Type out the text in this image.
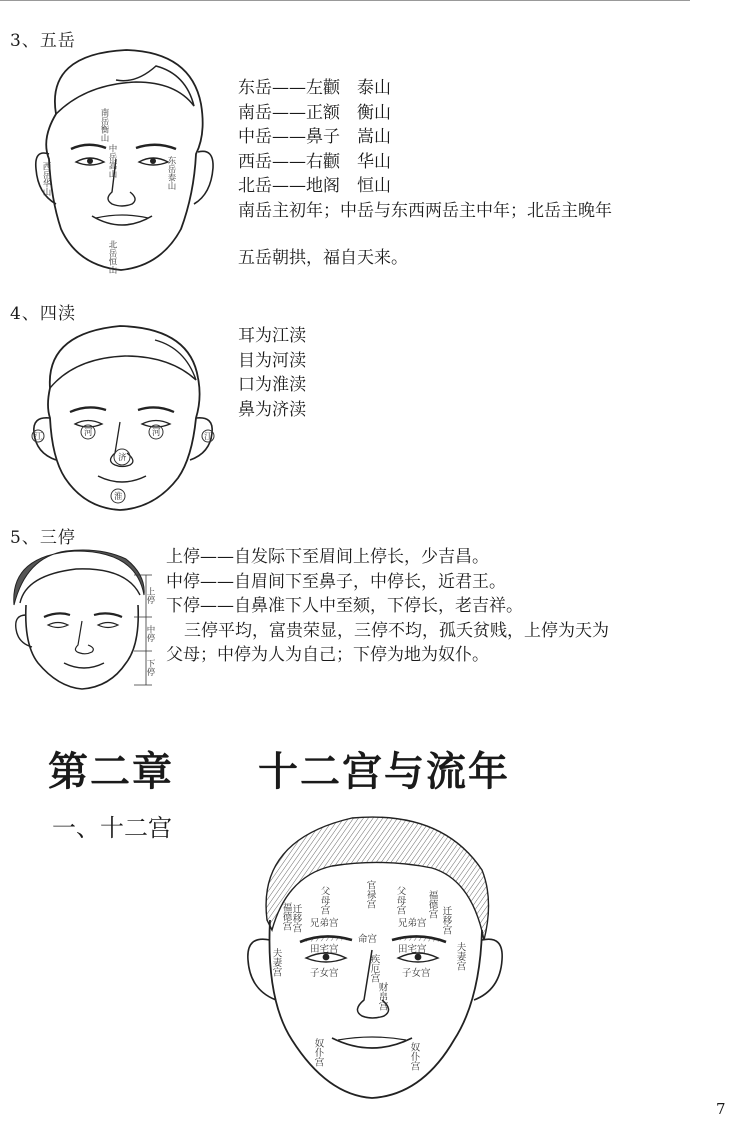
3、五岳
南岳衡山
西岳华山	东岳泰山
中岳嵩山
北岳恒山
东岳——左颧　泰山
南岳——正额　衡山
中岳——鼻子　嵩山
西岳——右颧　华山
北岳——地阁　恒山
南岳主初年；中岳与东西两岳主中年；北岳主晚年
五岳朝拱，福自天来。
4、四渎
江	江
河	河
济
淮
耳为江渎
目为河渎
口为淮渎
鼻为济渎
5、三停
上停
中停
下停
上停——自发际下至眉间上停长，少吉昌。
中停——自眉间下至鼻子，中停长，近君王。
下停——自鼻准下人中至颏，下停长，老吉祥。
三停平均，富贵荣显，三停不均，孤夭贫贱，上停为天为
父母；中停为人为自己；下停为地为奴仆。
第二章 十二宫与流年
一、十二宫
福德宫
父母宫	官禄宫 父母宫 福德宫
迁移宫 兄弟宫
命宫
兄弟宫 迁移宫
田宅宫	田宅宫
疾厄宫
夫妻宫	夫妻宫
子女宫	子女宫
财帛宫
奴仆宫	奴仆宫
7
